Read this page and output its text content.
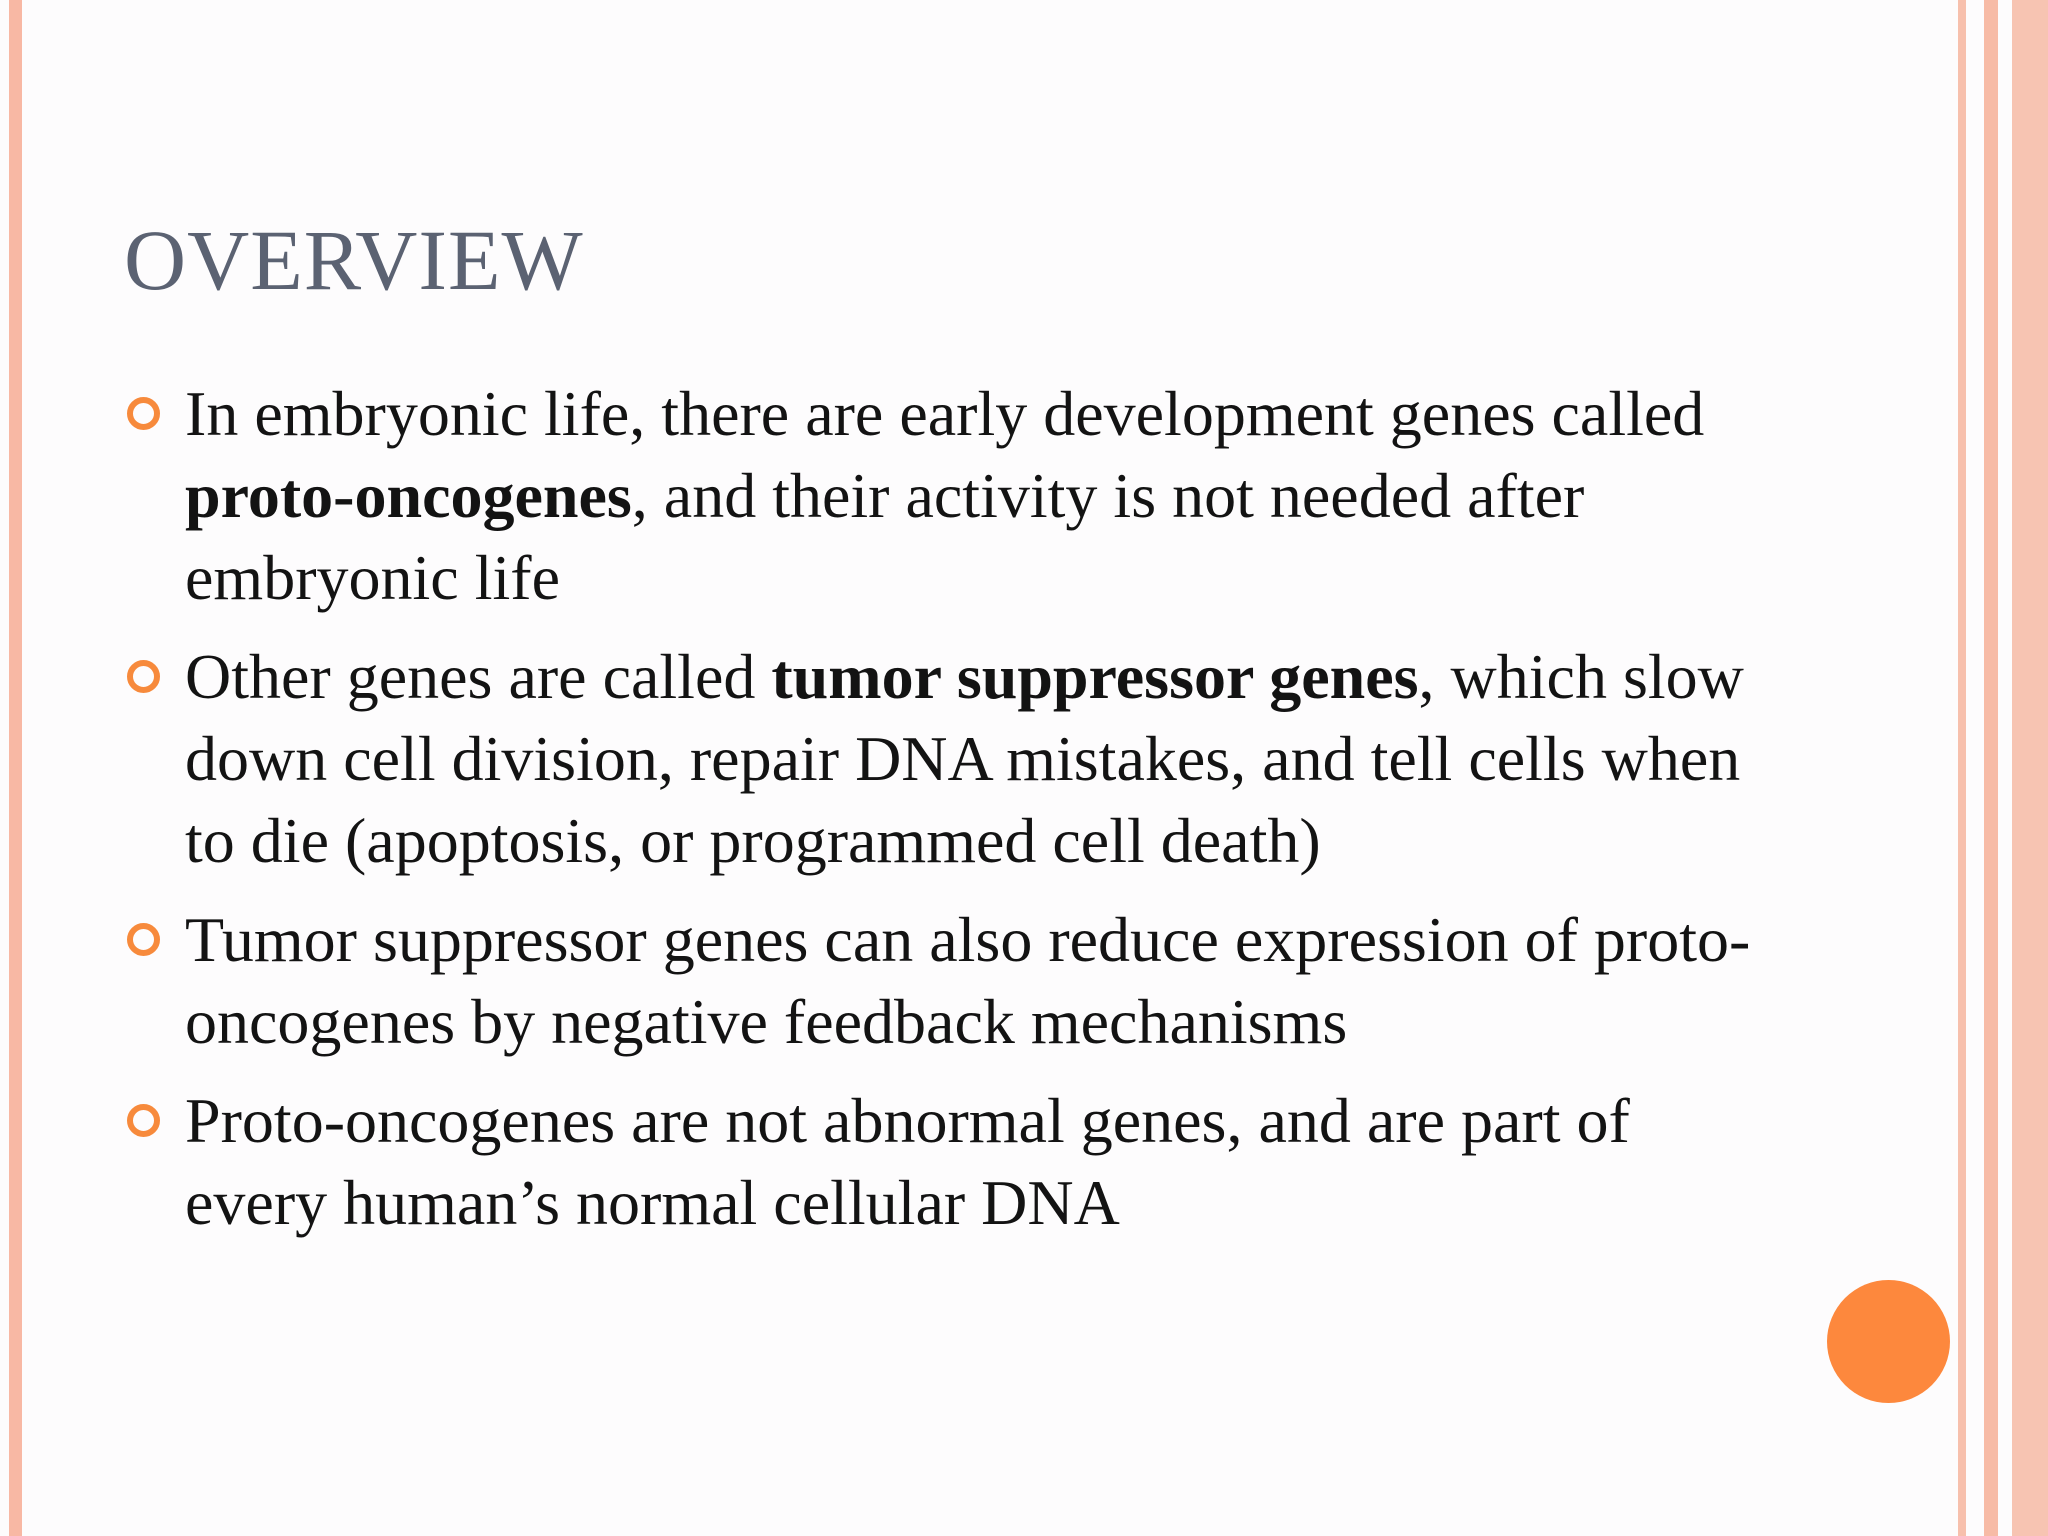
OVERVIEW
In embryonic life, there are early development genes called proto-oncogenes, and their activity is not needed after embryonic life
Other genes are called tumor suppressor genes, which slow down cell division, repair DNA mistakes, and tell cells when to die (apoptosis, or programmed cell death)
Tumor suppressor genes can also reduce expression of proto-oncogenes by negative feedback mechanisms
Proto-oncogenes are not abnormal genes, and are part of every human’s normal cellular DNA
